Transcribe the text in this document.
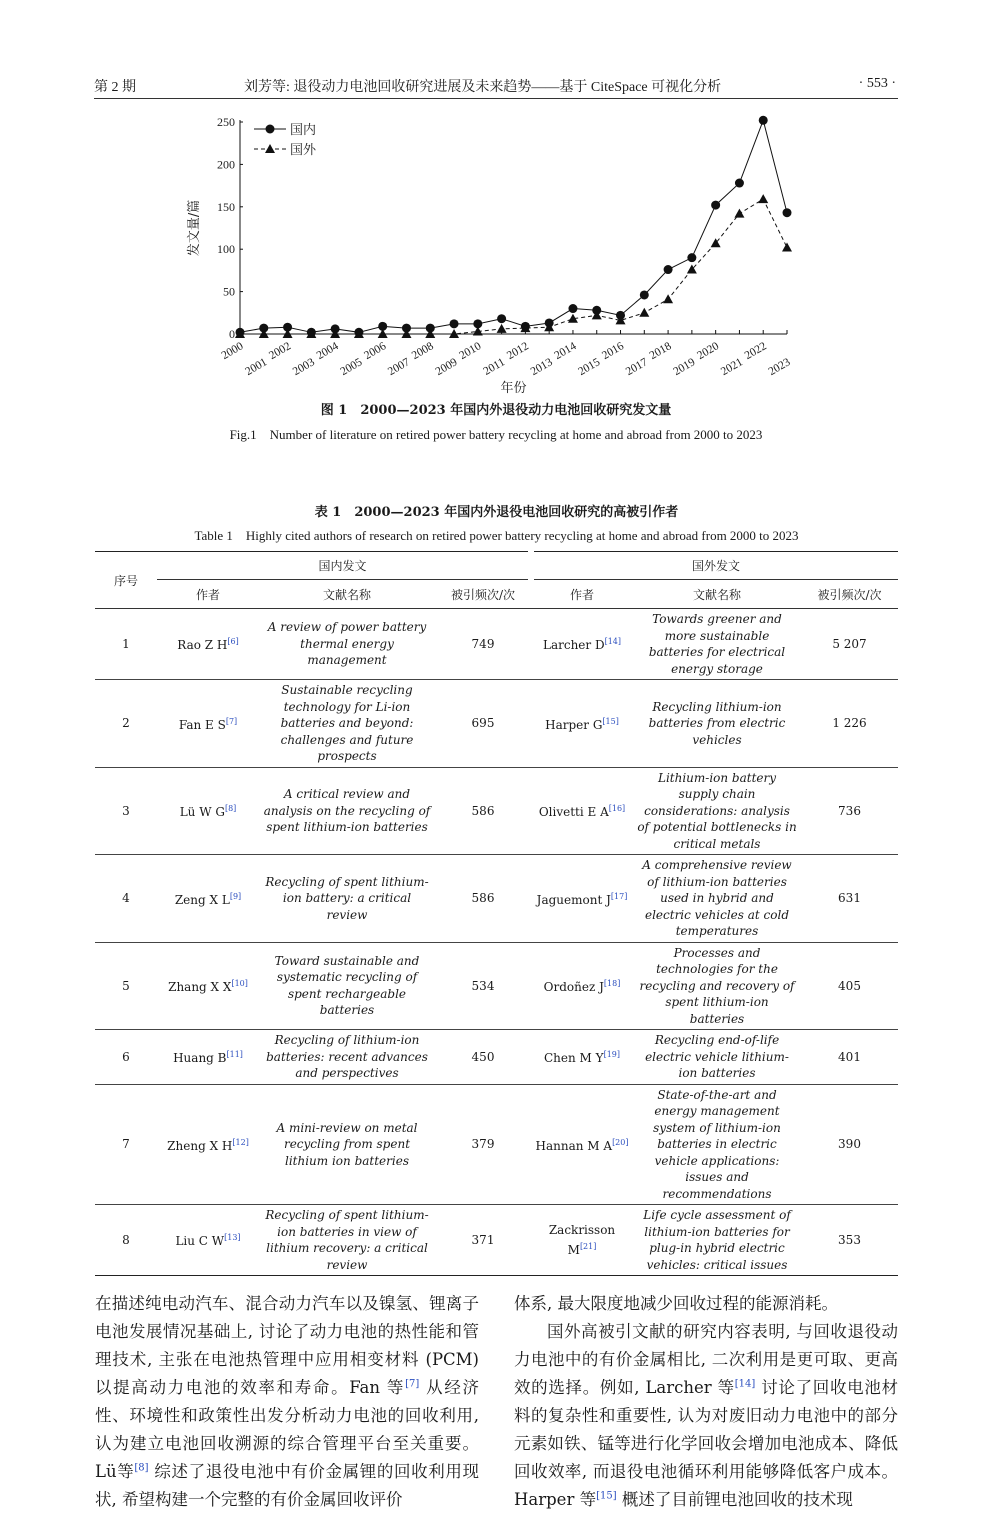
第 2 期	刘芳等: 退役动力电池回收研究进展及未来趋势——基于 CiteSpace 可视化分析	· 553 ·
0
50
100
150
200
250
2000
2001
2002
2003
2004
2005
2006
2007
2008
2009
2010
2011
2012
2013
2014
2015
2016
2017
2018
2019
2020
2021
2022
2023
国内
国外
发文量/篇
年份

图 1　2000—2023 年国内外退役动力电池回收研究发文量

Fig.1　Number of literature on retired power battery recycling at home and abroad from 2000 to 2023

表 1　2000—2023 年国内外退役电池回收研究的高被引作者

Table 1　Highly cited authors of research on retired power battery recycling at home and abroad from 2000 to 2023

序号	国内发文			国外发文		
	作者	文献名称	被引频次/次	作者	文献名称	被引频次/次
1	Rao Z H[6]	A review of power battery thermal energy management	749	Larcher D[14]	Towards greener and more sustainable batteries for electrical energy storage	5 207
2	Fan E S[7]	Sustainable recycling technology for Li-ion batteries and beyond: challenges and future prospects	695	Harper G[15]	Recycling lithium-ion batteries from electric vehicles	1 226
3	Lü W G[8]	A critical review and analysis on the recycling of spent lithium-ion batteries	586	Olivetti E A[16]	Lithium-ion battery supply chain considerations: analysis of potential bottlenecks in critical metals	736
4	Zeng X L[9]	Recycling of spent lithium-ion battery: a critical review	586	Jaguemont J[17]	A comprehensive review of lithium-ion batteries used in hybrid and electric vehicles at cold temperatures	631
5	Zhang X X[10]	Toward sustainable and systematic recycling of spent rechargeable batteries	534	Ordoñez J[18]	Processes and technologies for the recycling and recovery of spent lithium-ion batteries	405
6	Huang B[11]	Recycling of lithium-ion batteries: recent advances and perspectives	450	Chen M Y[19]	Recycling end-of-life electric vehicle lithium-ion batteries	401
7	Zheng X H[12]	A mini-review on metal recycling from spent lithium ion batteries	379	Hannan M A[20]	State-of-the-art and energy management system of lithium-ion batteries in electric vehicle applications: issues and recommendations	390
8	Liu C W[13]	Recycling of spent lithium-ion batteries in view of lithium recovery: a critical review	371	Zackrisson M[21]	Life cycle assessment of lithium-ion batteries for plug-in hybrid electric vehicles: critical issues	353

在描述纯电动汽车、混合动力汽车以及镍氢、锂离子电池发展情况基础上, 讨论了动力电池的热性能和管理技术, 主张在电池热管理中应用相变材料 (PCM) 以提高动力电池的效率和寿命。Fan 等[7] 从经济性、环境性和政策性出发分析动力电池的回收利用, 认为建立电池回收溯源的综合管理平台至关重要。Lü等[8] 综述了退役电池中有价金属锂的回收利用现状, 希望构建一个完整的有价金属回收评价

体系, 最大限度地减少回收过程的能源消耗。

国外高被引文献的研究内容表明, 与回收退役动力电池中的有价金属相比, 二次利用是更可取、更高效的选择。例如, Larcher 等[14] 讨论了回收电池材料的复杂性和重要性, 认为对废旧动力电池中的部分元素如铁、锰等进行化学回收会增加电池成本、降低回收效率, 而退役电池循环利用能够降低客户成本。Harper 等[15] 概述了目前锂电池回收的技术现
